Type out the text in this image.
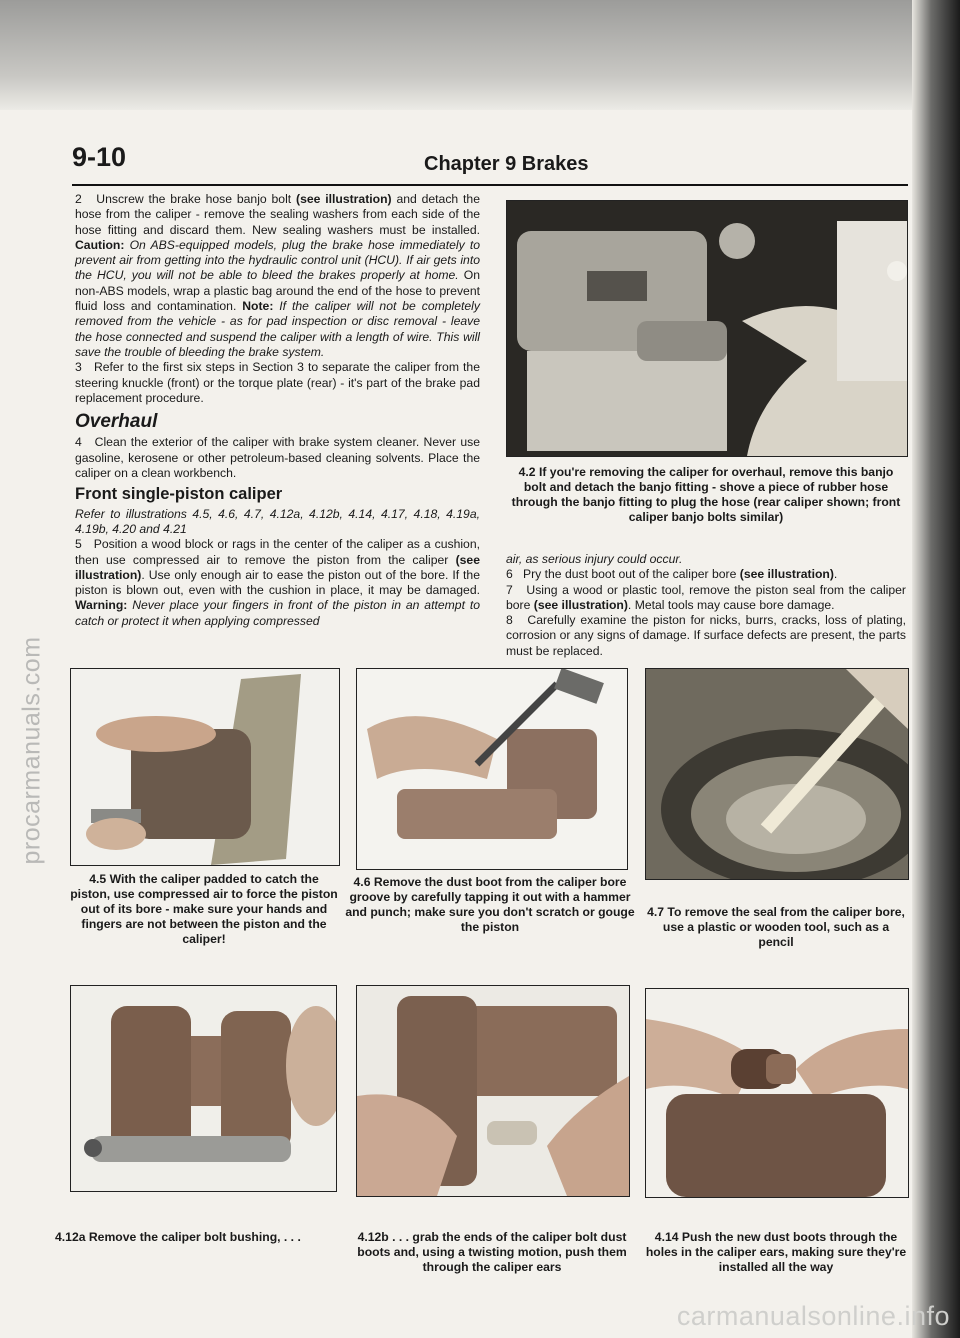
procarmanuals.com
carmanualsonline.info
9-10	Chapter 9 Brakes

2 Unscrew the brake hose banjo bolt (see illustration) and detach the hose from the caliper - remove the sealing washers from each side of the hose fitting and discard them. New sealing washers must be installed. Caution: On ABS-equipped models, plug the brake hose immediately to prevent air from getting into the hydraulic control unit (HCU). If air gets into the HCU, you will not be able to bleed the brakes properly at home. On non-ABS models, wrap a plastic bag around the end of the hose to prevent fluid loss and contamination. Note: If the caliper will not be completely removed from the vehicle - as for pad inspection or disc removal - leave the hose connected and suspend the caliper with a length of wire. This will save the trouble of bleeding the brake system.

3 Refer to the first six steps in Section 3 to separate the caliper from the steering knuckle (front) or the torque plate (rear) - it's part of the brake pad replacement procedure.

Overhaul

4 Clean the exterior of the caliper with brake system cleaner. Never use gasoline, kerosene or other petroleum-based cleaning solvents. Place the caliper on a clean workbench.

Front single-piston caliper

Refer to illustrations 4.5, 4.6, 4.7, 4.12a, 4.12b, 4.14, 4.17, 4.18, 4.19a, 4.19b, 4.20 and 4.21

5 Position a wood block or rags in the center of the caliper as a cushion, then use compressed air to remove the piston from the caliper (see illustration). Use only enough air to ease the piston out of the bore. If the piston is blown out, even with the cushion in place, it may be damaged. Warning: Never place your fingers in front of the piston in an attempt to catch or protect it when applying compressed

4.2 If you're removing the caliper for overhaul, remove this banjo bolt and detach the banjo fitting - shove a piece of rubber hose through the banjo fitting to plug the hose (rear caliper shown; front caliper banjo bolts similar)

air, as serious injury could occur.

6 Pry the dust boot out of the caliper bore (see illustration).

7 Using a wood or plastic tool, remove the piston seal from the caliper bore (see illustration). Metal tools may cause bore damage.

8 Carefully examine the piston for nicks, burrs, cracks, loss of plating, corrosion or any signs of damage. If surface defects are present, the parts must be replaced.

4.5 With the caliper padded to catch the piston, use compressed air to force the piston out of its bore - make sure your hands and fingers are not between the piston and the caliper!
4.6 Remove the dust boot from the caliper bore groove by carefully tapping it out with a hammer and punch; make sure you don't scratch or gouge the piston
4.7 To remove the seal from the caliper bore, use a plastic or wooden tool, such as a pencil
4.12a Remove the caliper bolt bushing, . . .	4.12b . . . grab the ends of the caliper bolt dust boots and, using a twisting motion, push them through the caliper ears
4.14 Push the new dust boots through the holes in the caliper ears, making sure they're installed all the way
